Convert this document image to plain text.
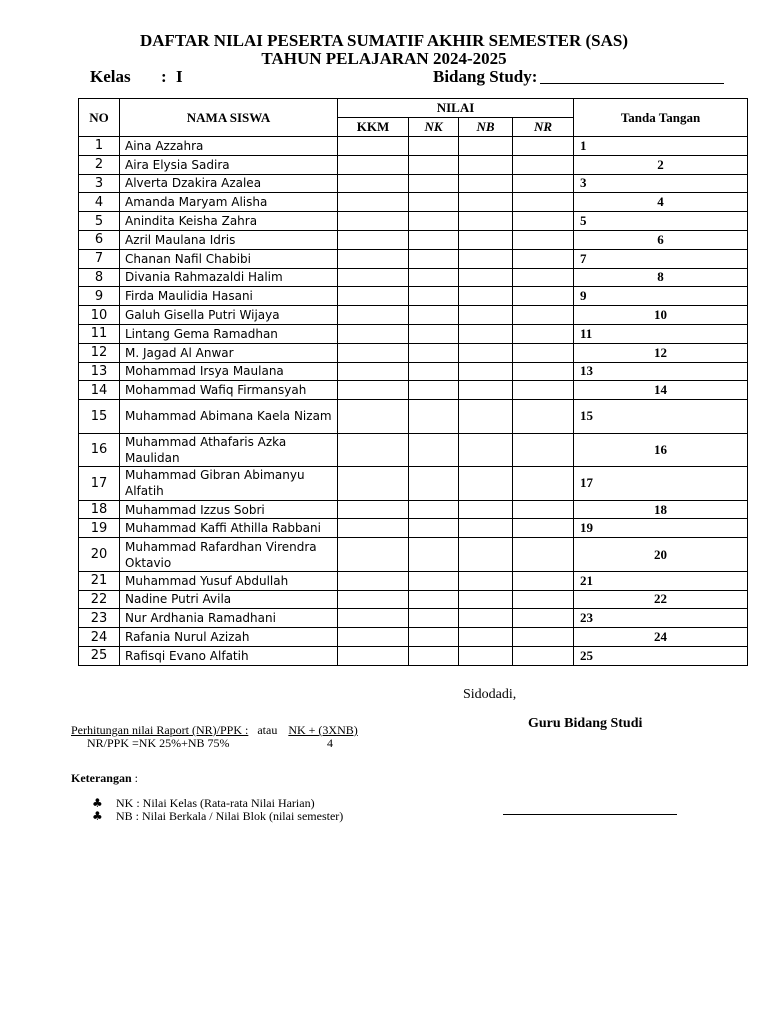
DAFTAR NILAI PESERTA SUMATIF AKHIR SEMESTER (SAS)
TAHUN PELAJARAN 2024-2025
Kelas : I	Bidang Study:
NO	NAMA SISWA	NILAI				Tanda Tangan
		KKM	NK	NB	NR	
1	Aina Azzahra					1
2	Aira Elysia Sadira					2
3	Alverta Dzakira Azalea					3
4	Amanda Maryam Alisha					4
5	Anindita Keisha Zahra					5
6	Azril Maulana Idris					6
7	Chanan Nafil Chabibi					7
8	Divania Rahmazaldi Halim					8
9	Firda Maulidia Hasani					9
10	Galuh Gisella Putri Wijaya					10
11	Lintang Gema Ramadhan					11
12	M. Jagad Al Anwar					12
13	Mohammad Irsya Maulana					13
14	Mohammad Wafiq Firmansyah					14
15	Muhammad Abimana Kaela Nizam					15
16	Muhammad Athafaris Azka Maulidan					16
17	Muhammad Gibran Abimanyu Alfatih					17
18	Muhammad Izzus Sobri					18
19	Muhammad Kaffi Athilla Rabbani					19
20	Muhammad Rafardhan Virendra Oktavio					20
21	Muhammad Yusuf Abdullah					21
22	Nadine Putri Avila					22
23	Nur Ardhania Ramadhani					23
24	Rafania Nurul Azizah					24
25	Rafisqi Evano Alfatih					25
Sidodadi,
Guru Bidang Studi
Perhitungan nilai Raport (NR)/PPK : atau NK + (3XNB)
NR/PPK =NK 25%+NB 75%	4
Keterangan :
♣ NK : Nilai Kelas (Rata-rata Nilai Harian)
♣ NB : Nilai Berkala / Nilai Blok (nilai semester)
